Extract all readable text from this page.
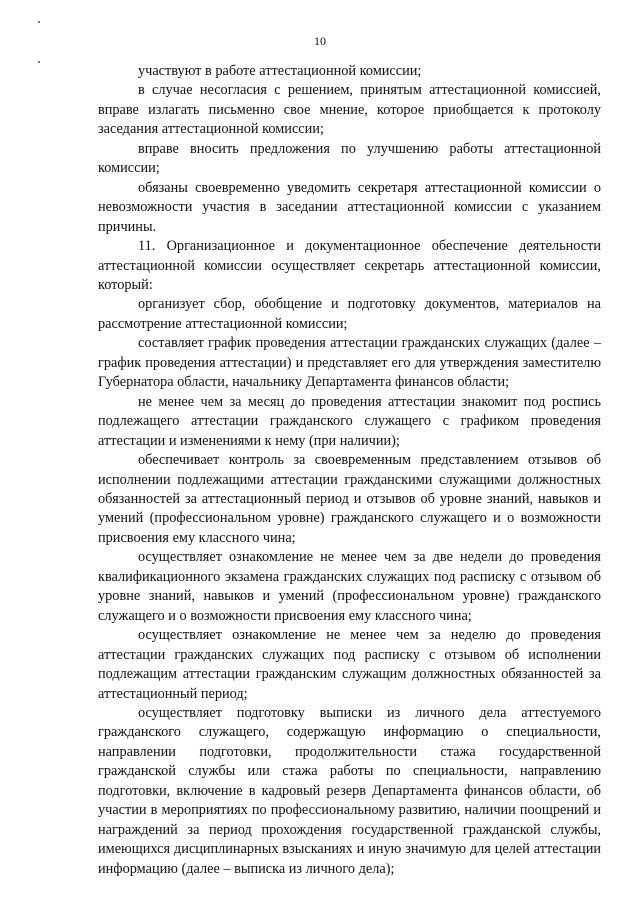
10

участвуют в работе аттестационной комиссии;

в случае несогласия с решением, принятым аттестационной комиссией, вправе излагать письменно свое мнение, которое приобщается к протоколу заседания аттестационной комиссии;

вправе вносить предложения по улучшению работы аттестационной комиссии;

обязаны своевременно уведомить секретаря аттестационной комиссии о невозможности участия в заседании аттестационной комиссии с указанием причины.

11. Организационное и документационное обеспечение деятельности аттестационной комиссии осуществляет секретарь аттестационной комиссии, который:

организует сбор, обобщение и подготовку документов, материалов на рассмотрение аттестационной комиссии;

составляет график проведения аттестации гражданских служащих (далее – график проведения аттестации) и представляет его для утверждения заместителю Губернатора области, начальнику Департамента финансов области;

не менее чем за месяц до проведения аттестации знакомит под роспись подлежащего аттестации гражданского служащего с графиком проведения аттестации и изменениями к нему (при наличии);

обеспечивает контроль за своевременным представлением отзывов об исполнении подлежащими аттестации гражданскими служащими должностных обязанностей за аттестационный период и отзывов об уровне знаний, навыков и умений (профессиональном уровне) гражданского служащего и о возможности присвоения ему классного чина;

осуществляет ознакомление не менее чем за две недели до проведения квалификационного экзамена гражданских служащих под расписку с отзывом об уровне знаний, навыков и умений (профессиональном уровне) гражданского служащего и о возможности присвоения ему классного чина;

осуществляет ознакомление не менее чем за неделю до проведения аттестации гражданских служащих под расписку с отзывом об исполнении подлежащим аттестации гражданским служащим должностных обязанностей за аттестационный период;

осуществляет подготовку выписки из личного дела аттестуемого гражданского служащего, содержащую информацию о специальности, направлении подготовки, продолжительности стажа государственной гражданской службы или стажа работы по специальности, направлению подготовки, включение в кадровый резерв Департамента финансов области, об участии в мероприятиях по профессиональному развитию, наличии поощрений и награждений за период прохождения государственной гражданской службы, имеющихся дисциплинарных взысканиях и иную значимую для целей аттестации информацию (далее – выписка из личного дела);
